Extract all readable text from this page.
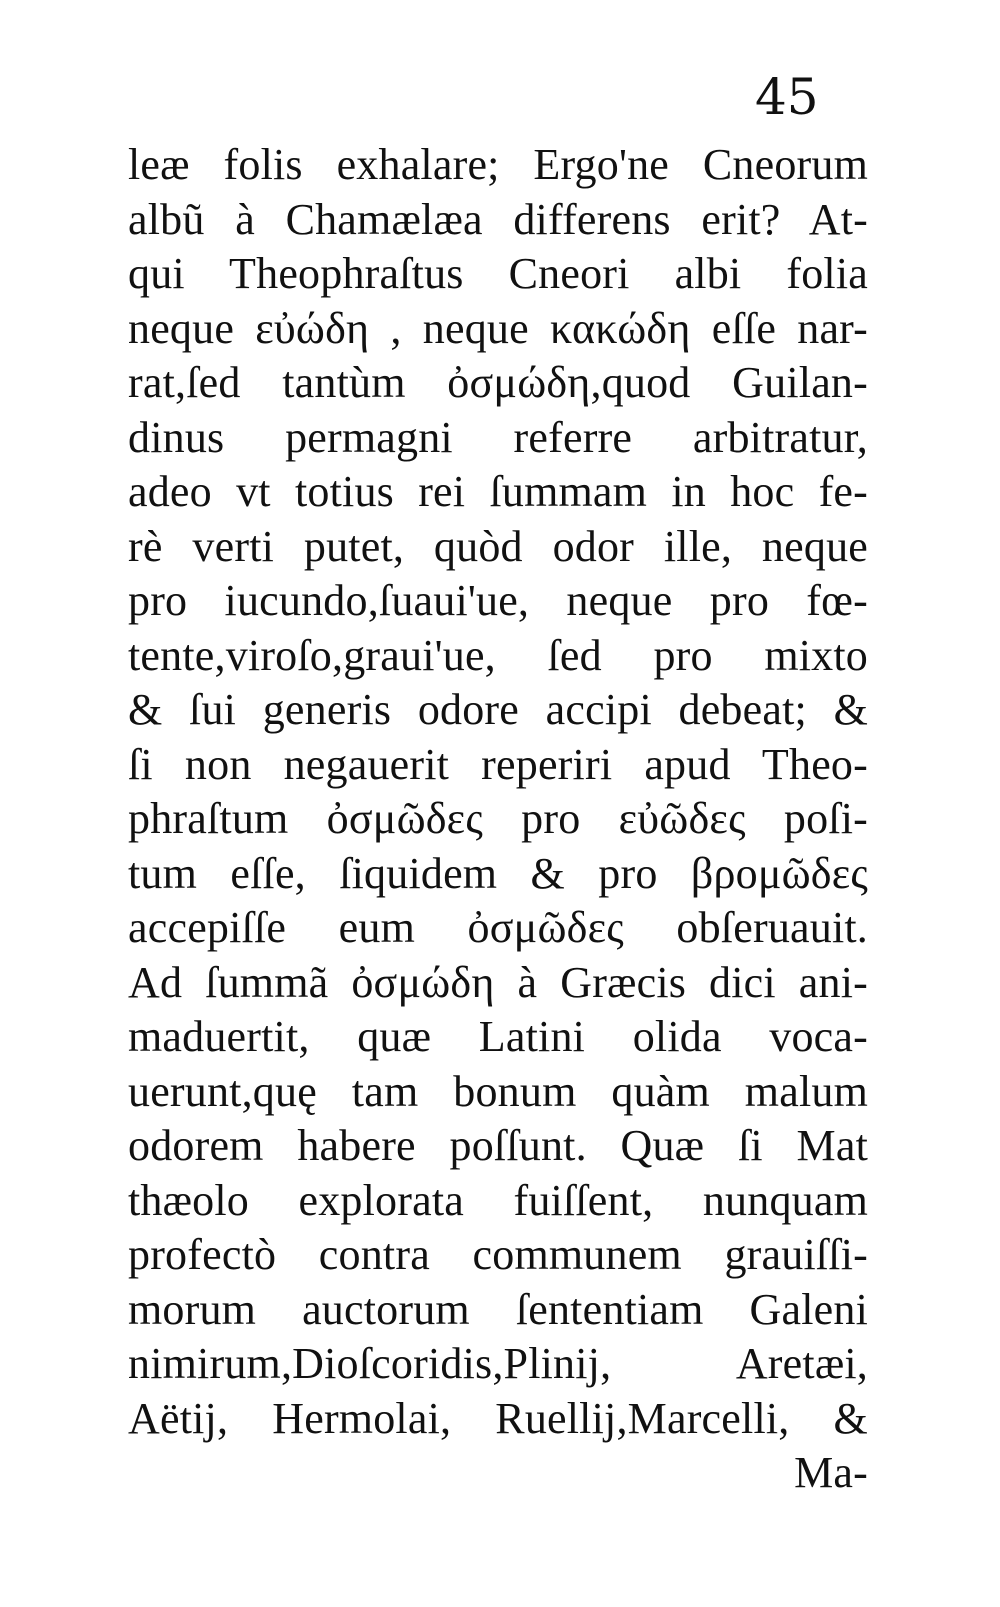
45
leæ folis exhalare; Ergo'ne Cneorum
albũ à Chamælæa differens erit? At-
qui Theophraſtus Cneori albi folia
neque εὐώδη , neque κακώδη eſſe nar-
rat,ſed tantùm ὀσμώδη,quod Guilan-
dinus permagni referre arbitratur,
adeo vt totius rei ſummam in hoc fe-
rè verti putet, quòd odor ille, neque
pro iucundo,ſuaui'ue, neque pro fœ-
tente,viroſo,graui'ue, ſed pro mixto
& ſui generis odore accipi debeat; &
ſi non negauerit reperiri apud Theo-
phraſtum ὀσμῶδες pro εὐῶδες poſi-
tum eſſe, ſiquidem & pro βρομῶδες
accepiſſe eum ὀσμῶδες obſeruauit.
Ad ſummã ὀσμώδη à Græcis dici ani-
maduertit, quæ Latini olida voca-
uerunt,quę tam bonum quàm malum
odorem habere poſſunt. Quæ ſi Mat
thæolo explorata fuiſſent, nunquam
profectò contra communem grauiſſi-
morum auctorum ſententiam Galeni
nimirum,Dioſcoridis,Plinij, Aretæi,
Aëtij, Hermolai, Ruellij,Marcelli, &
Ma-
